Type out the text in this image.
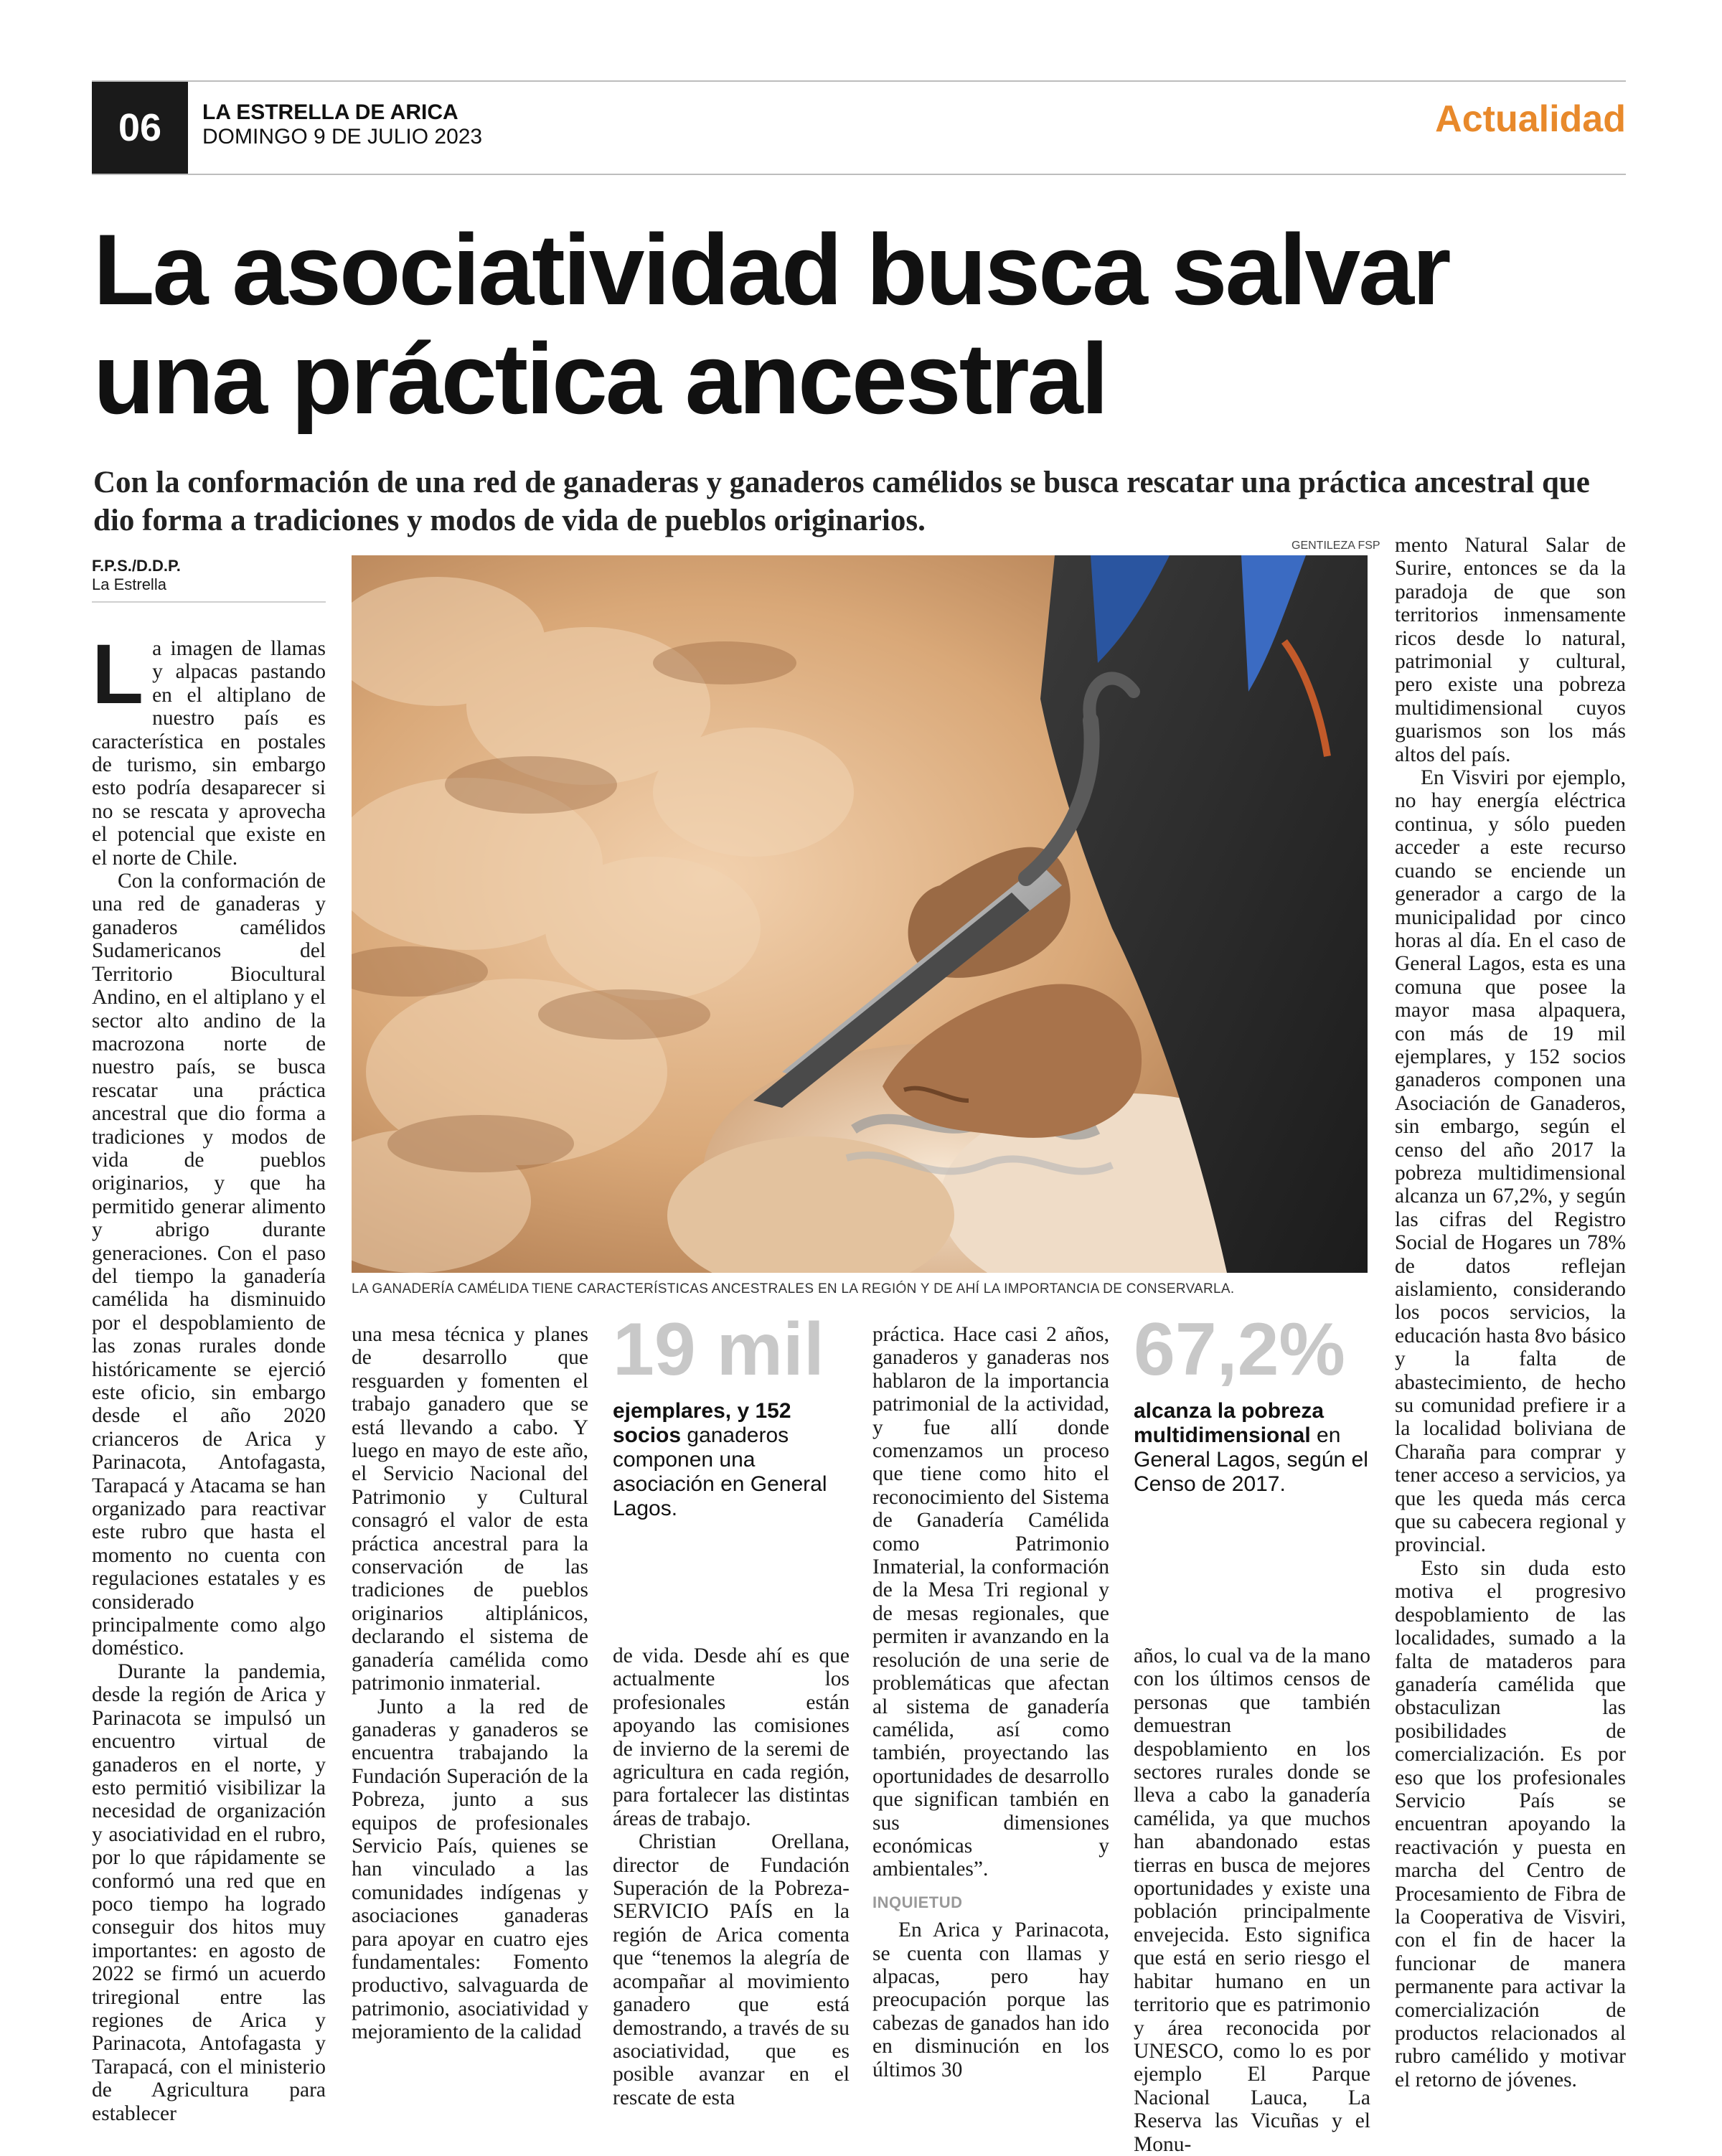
06	LA ESTRELLA DE ARICA
DOMINGO 9 DE JULIO 2023	Actualidad
La asociatividad busca salvar una práctica ancestral

Con la conformación de una red de ganaderas y ganaderos camélidos se busca rescatar una práctica ancestral que dio forma a tradiciones y modos de vida de pueblos originarios.

F.P.S./D.D.P.
La Estrella
GENTILEZA FSP
LA GANADERÍA CAMÉLIDA TIENE CARACTERÍSTICAS ANCESTRALES EN LA REGIÓN Y DE AHÍ LA IMPORTANCIA DE CONSERVARLA.

La imagen de llamas y alpacas pastando en el altiplano de nuestro país es característica en postales de turismo, sin embargo esto podría desaparecer si no se rescata y aprovecha el potencial que existe en el norte de Chile.

Con la conformación de una red de ganaderas y ganaderos camélidos Sudamericanos del Territorio Biocultural Andino, en el altiplano y el sector alto andino de la macrozona norte de nuestro país, se busca rescatar una práctica ancestral que dio forma a tradiciones y modos de vida de pueblos originarios, y que ha permitido generar alimento y abrigo durante generaciones. Con el paso del tiempo la ganadería camélida ha disminuido por el despoblamiento de las zonas rurales donde históricamente se ejerció este oficio, sin embargo desde el año 2020 crianceros de Arica y Parinacota, Antofagasta, Tarapacá y Atacama se han organizado para reactivar este rubro que hasta el momento no cuenta con regulaciones estatales y es considerado principalmente como algo doméstico.

Durante la pandemia, desde la región de Arica y Parinacota se impulsó un encuentro virtual de ganaderos en el norte, y esto permitió visibilizar la necesidad de organización y asociatividad en el rubro, por lo que rápidamente se conformó una red que en poco tiempo ha logrado conseguir dos hitos muy importantes: en agosto de 2022 se firmó un acuerdo triregional entre las regiones de Arica y Parinacota, Antofagasta y Tarapacá, con el ministerio de Agricultura para establecer

una mesa técnica y planes de desarrollo que resguarden y fomenten el trabajo ganadero que se está llevando a cabo. Y luego en mayo de este año, el Servicio Nacional del Patrimonio y Cultural consagró el valor de esta práctica ancestral para la conservación de las tradiciones de pueblos originarios altiplánicos, declarando el sistema de ganadería camélida como patrimonio inmaterial.

Junto a la red de ganaderas y ganaderos se encuentra trabajando la Fundación Superación de la Pobreza, junto a sus equipos de profesionales Servicio País, quienes se han vinculado a las comunidades indígenas y asociaciones ganaderas para apoyar en cuatro ejes fundamentales: Fomento productivo, salvaguarda de patrimonio, asociatividad y mejoramiento de la calidad

19 mil
ejemplares, y 152 socios ganaderos componen una asociación en General Lagos.

de vida. Desde ahí es que actualmente los profesionales están apoyando las comisiones de invierno de la seremi de agricultura en cada región, para fortalecer las distintas áreas de trabajo.

Christian Orellana, director de Fundación Superación de la Pobreza-SERVICIO PAÍS en la región de Arica comenta que “tenemos la alegría de acompañar al movimiento ganadero que está demostrando, a través de su asociatividad, que es posible avanzar en el rescate de esta

práctica. Hace casi 2 años, ganaderos y ganaderas nos hablaron de la importancia patrimonial de la actividad, y fue allí donde comenzamos un proceso que tiene como hito el reconocimiento del Sistema de Ganadería Camélida como Patrimonio Inmaterial, la conformación de la Mesa Tri regional y de mesas regionales, que permiten ir avanzando en la resolución de una serie de problemáticas que afectan al sistema de ganadería camélida, así como también, proyectando las oportunidades de desarrollo que significan también en sus dimensiones económicas y ambientales”.

INQUIETUD

En Arica y Parinacota, se cuenta con llamas y alpacas, pero hay preocupación porque las cabezas de ganados han ido en disminución en los últimos 30

67,2%
alcanza la pobreza multidimensional en General Lagos, según el Censo de 2017.

años, lo cual va de la mano con los últimos censos de personas que también demuestran despoblamiento en los sectores rurales donde se lleva a cabo la ganadería camélida, ya que muchos han abandonado estas tierras en busca de mejores oportunidades y existe una población principalmente envejecida. Esto significa que está en serio riesgo el habitar humano en un territorio que es patrimonio y área reconocida por UNESCO, como lo es por ejemplo El Parque Nacional Lauca, La Reserva las Vicuñas y el Monu-

mento Natural Salar de Surire, entonces se da la paradoja de que son territorios inmensamente ricos desde lo natural, patrimonial y cultural, pero existe una pobreza multidimensional cuyos guarismos son los más altos del país.

En Visviri por ejemplo, no hay energía eléctrica continua, y sólo pueden acceder a este recurso cuando se enciende un generador a cargo de la municipalidad por cinco horas al día. En el caso de General Lagos, esta es una comuna que posee la mayor masa alpaquera, con más de 19 mil ejemplares, y 152 socios ganaderos componen una Asociación de Ganaderos, sin embargo, según el censo del año 2017 la pobreza multidimensional alcanza un 67,2%, y según las cifras del Registro Social de Hogares un 78% de datos reflejan aislamiento, considerando los pocos servicios, la educación hasta 8vo básico y la falta de abastecimiento, de hecho su comunidad prefiere ir a la localidad boliviana de Charaña para comprar y tener acceso a servicios, ya que les queda más cerca que su cabecera regional y provincial.

Esto sin duda esto motiva el progresivo despoblamiento de las localidades, sumado a la falta de mataderos para ganadería camélida que obstaculizan las posibilidades de comercialización. Es por eso que los profesionales Servicio País se encuentran apoyando la reactivación y puesta en marcha del Centro de Procesamiento de Fibra de la Cooperativa de Visviri, con el fin de hacer la funcionar de manera permanente para activar la comercialización de productos relacionados al rubro camélido y motivar el retorno de jóvenes.
